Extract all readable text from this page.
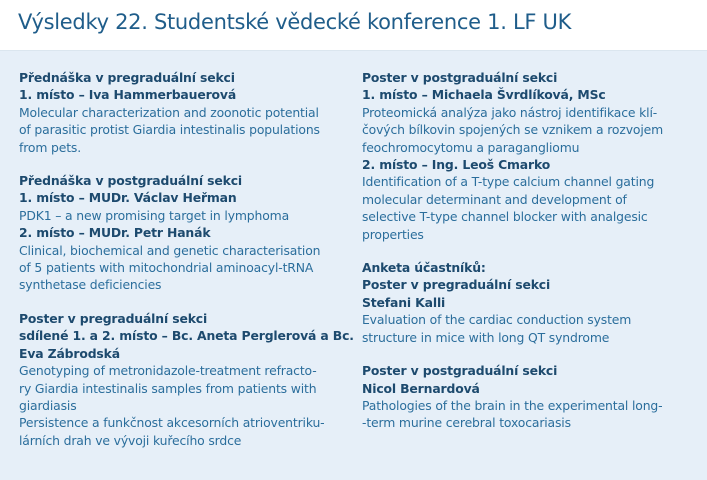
Výsledky 22. Studentské vědecké konference 1. LF UK
Přednáška v pregraduální sekci
1. místo – Iva Hammerbauerová
Molecular characterization and zoonotic potential
of parasitic protist Giardia intestinalis populations
from pets.
Přednáška v postgraduální sekci
1. místo – MUDr. Václav Heřman
PDK1 – a new promising target in lymphoma
2. místo – MUDr. Petr Hanák
Clinical, biochemical and genetic characterisation
of 5 patients with mitochondrial aminoacyl-tRNA
synthetase deficiencies
Poster v pregraduální sekci
sdílené 1. a 2. místo – Bc. Aneta Perglerová a Bc.
Eva Zábrodská
Genotyping of metronidazole-treatment refracto-
ry Giardia intestinalis samples from patients with
giardiasis
Persistence a funkčnost akcesorních atrioventriku-
lárních drah ve vývoji kuřecího srdce
Poster v postgraduální sekci
1. místo – Michaela Švrdlíková, MSc
Proteomická analýza jako nástroj identifikace klí-
čových bílkovin spojených se vznikem a rozvojem
feochromocytomu a paragangliomu
2. místo – Ing. Leoš Cmarko
Identification of a T-type calcium channel gating
molecular determinant and development of
selective T-type channel blocker with analgesic
properties
Anketa účastníků:
Poster v pregraduální sekci
Stefani Kalli
Evaluation of the cardiac conduction system
structure in mice with long QT syndrome
Poster v postgraduální sekci
Nicol Bernardová
Pathologies of the brain in the experimental long-
-term murine cerebral toxocariasis
